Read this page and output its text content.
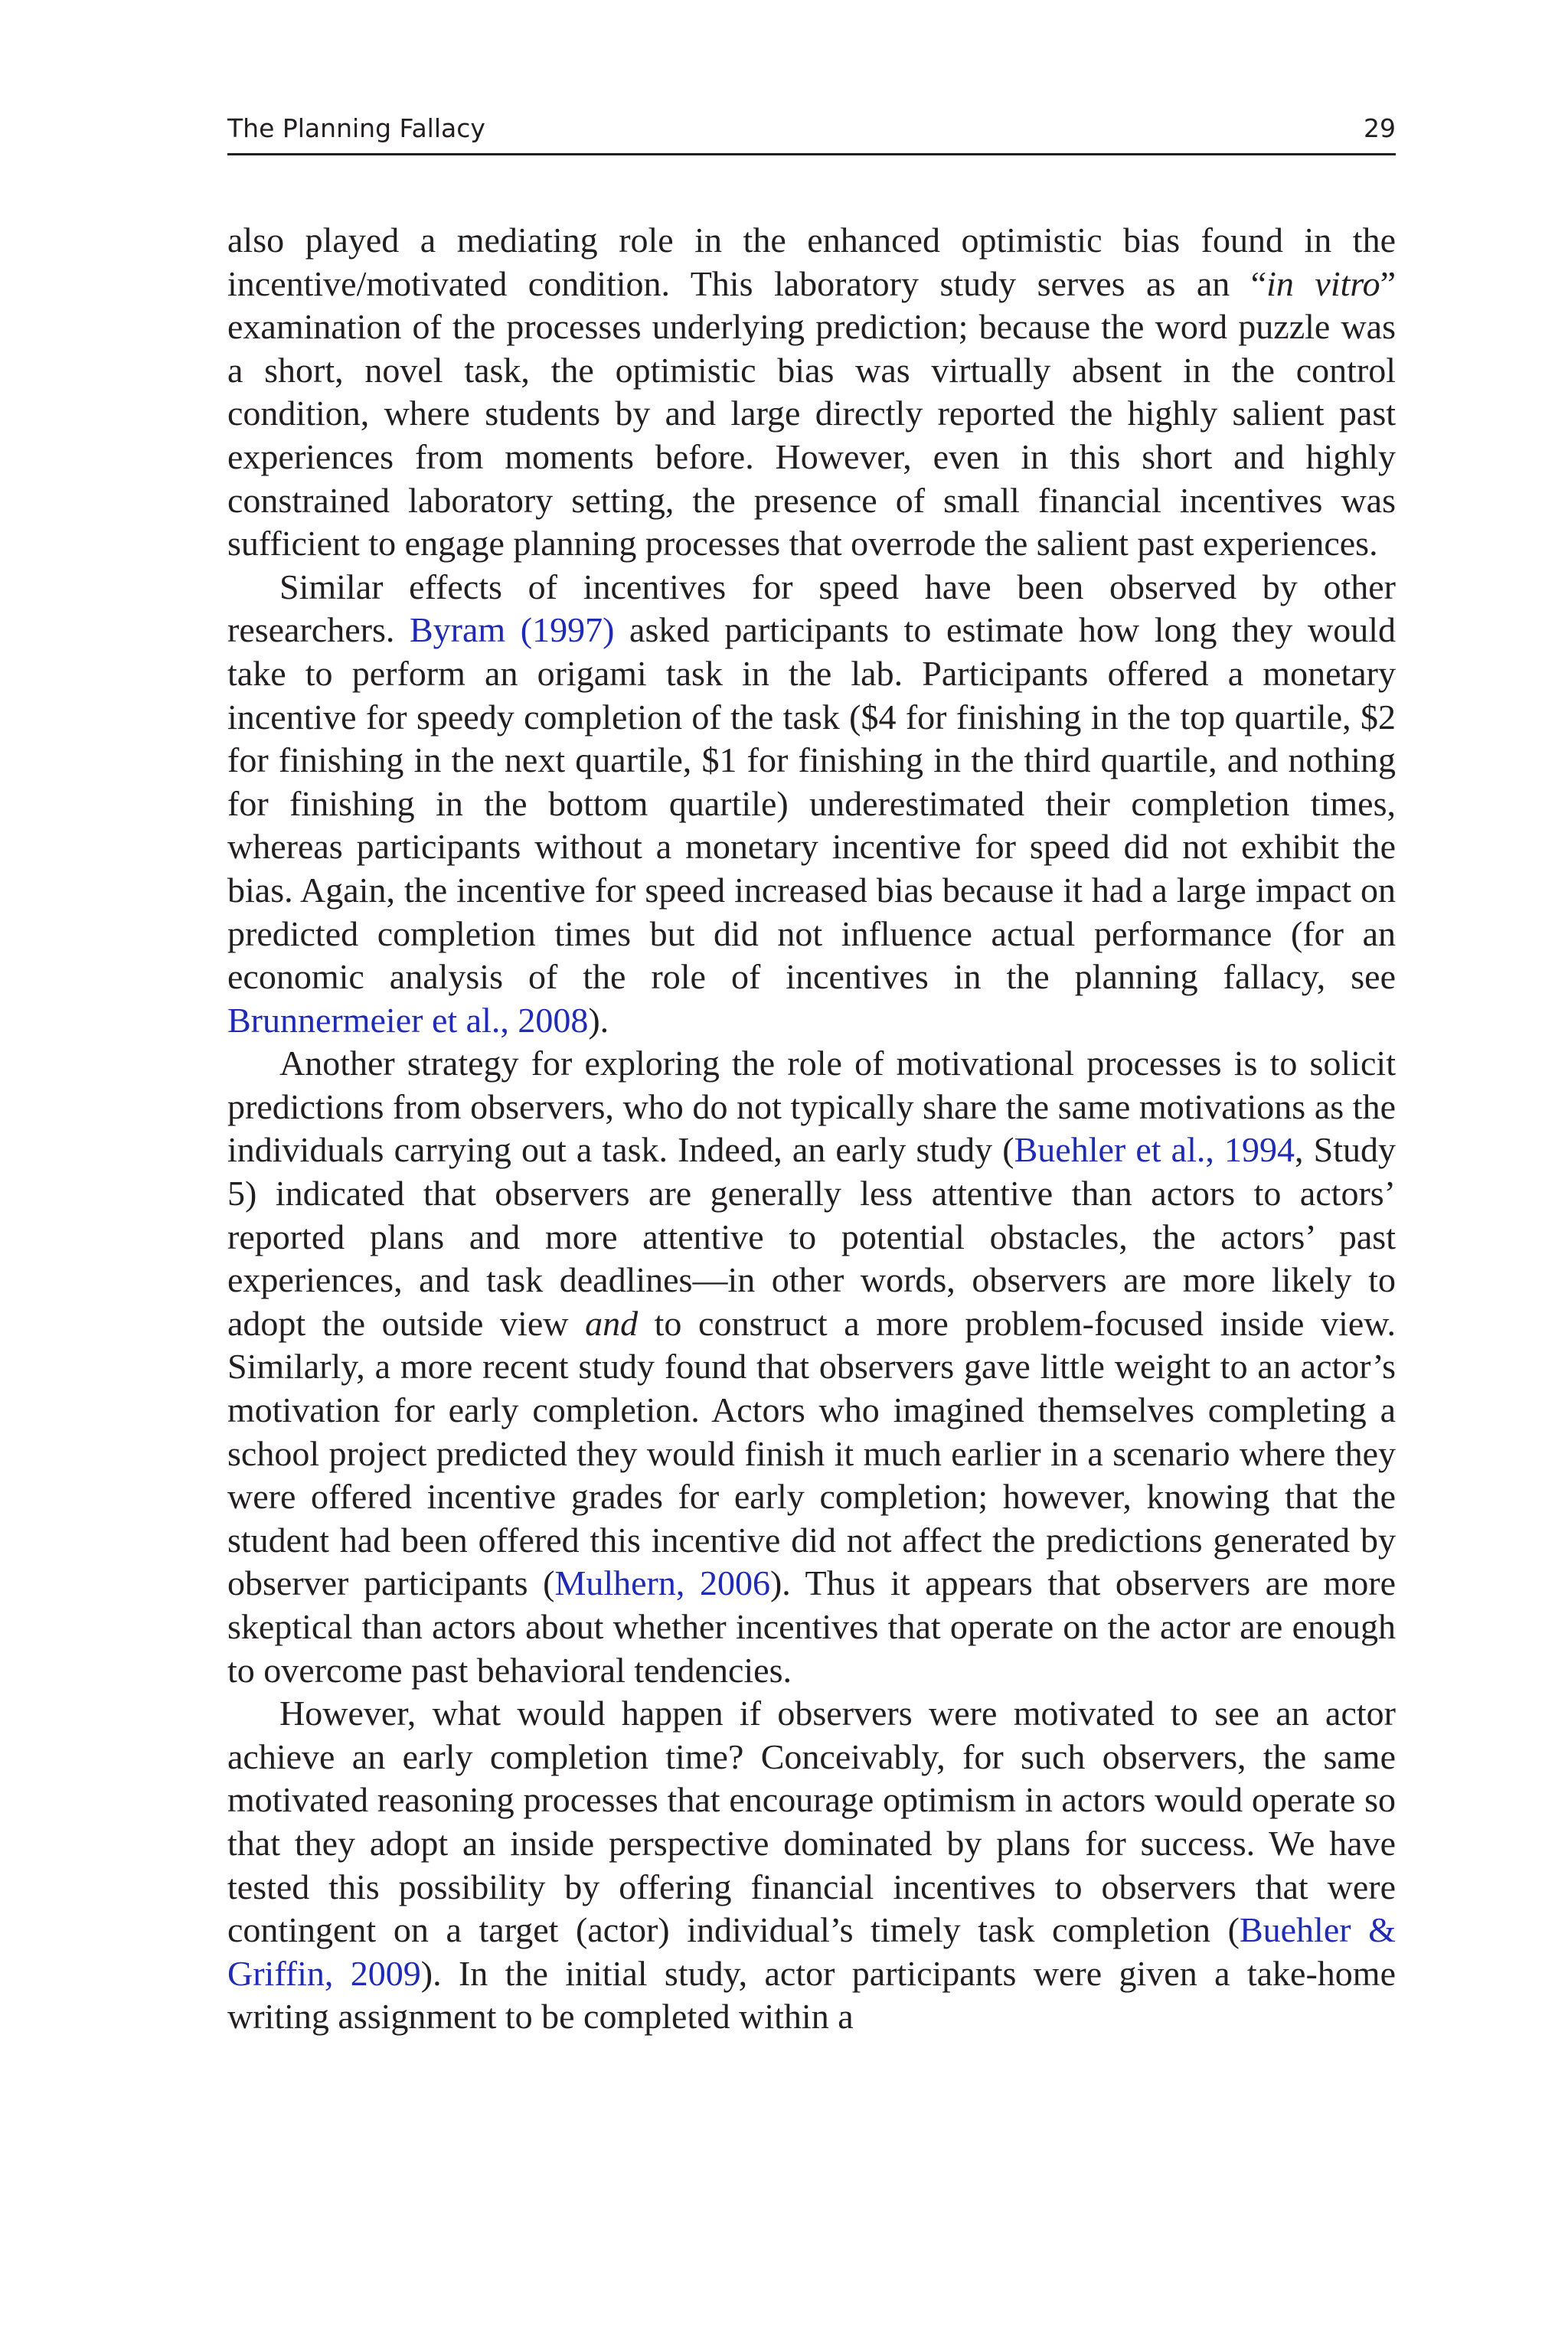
The Planning Fallacy	29

also played a mediating role in the enhanced optimistic bias found in the incentive/motivated condition. This laboratory study serves as an “in vitro” examination of the processes underlying prediction; because the word puzzle was a short, novel task, the optimistic bias was virtually absent in the control condition, where students by and large directly reported the highly salient past experiences from moments before. However, even in this short and highly constrained laboratory setting, the presence of small financial incentives was sufficient to engage planning processes that overrode the salient past experiences.

Similar effects of incentives for speed have been observed by other researchers. Byram (1997) asked participants to estimate how long they would take to perform an origami task in the lab. Participants offered a monetary incentive for speedy completion of the task ($4 for finishing in the top quartile, $2 for finishing in the next quartile, $1 for finishing in the third quartile, and nothing for finishing in the bottom quartile) underestimated their completion times, whereas participants without a monetary incentive for speed did not exhibit the bias. Again, the incentive for speed increased bias because it had a large impact on predicted completion times but did not influence actual performance (for an economic analysis of the role of incentives in the planning fallacy, see Brunnermeier et al., 2008).

Another strategy for exploring the role of motivational processes is to solicit predictions from observers, who do not typically share the same motivations as the individuals carrying out a task. Indeed, an early study (Buehler et al., 1994, Study 5) indicated that observers are generally less attentive than actors to actors’ reported plans and more attentive to potential obstacles, the actors’ past experiences, and task deadlines—in other words, observers are more likely to adopt the outside view and to construct a more problem-focused inside view. Similarly, a more recent study found that observers gave little weight to an actor’s motivation for early completion. Actors who imagined themselves completing a school project predicted they would finish it much earlier in a scenario where they were offered incentive grades for early completion; however, knowing that the student had been offered this incentive did not affect the predictions generated by observer participants (Mulhern, 2006). Thus it appears that observers are more skeptical than actors about whether incentives that operate on the actor are enough to overcome past behavioral tendencies.

However, what would happen if observers were motivated to see an actor achieve an early completion time? Conceivably, for such observers, the same motivated reasoning processes that encourage optimism in actors would operate so that they adopt an inside perspective dominated by plans for success. We have tested this possibility by offering financial incentives to observers that were contingent on a target (actor) individual’s timely task completion (Buehler & Griffin, 2009). In the initial study, actor participants were given a take-home writing assignment to be completed within a
